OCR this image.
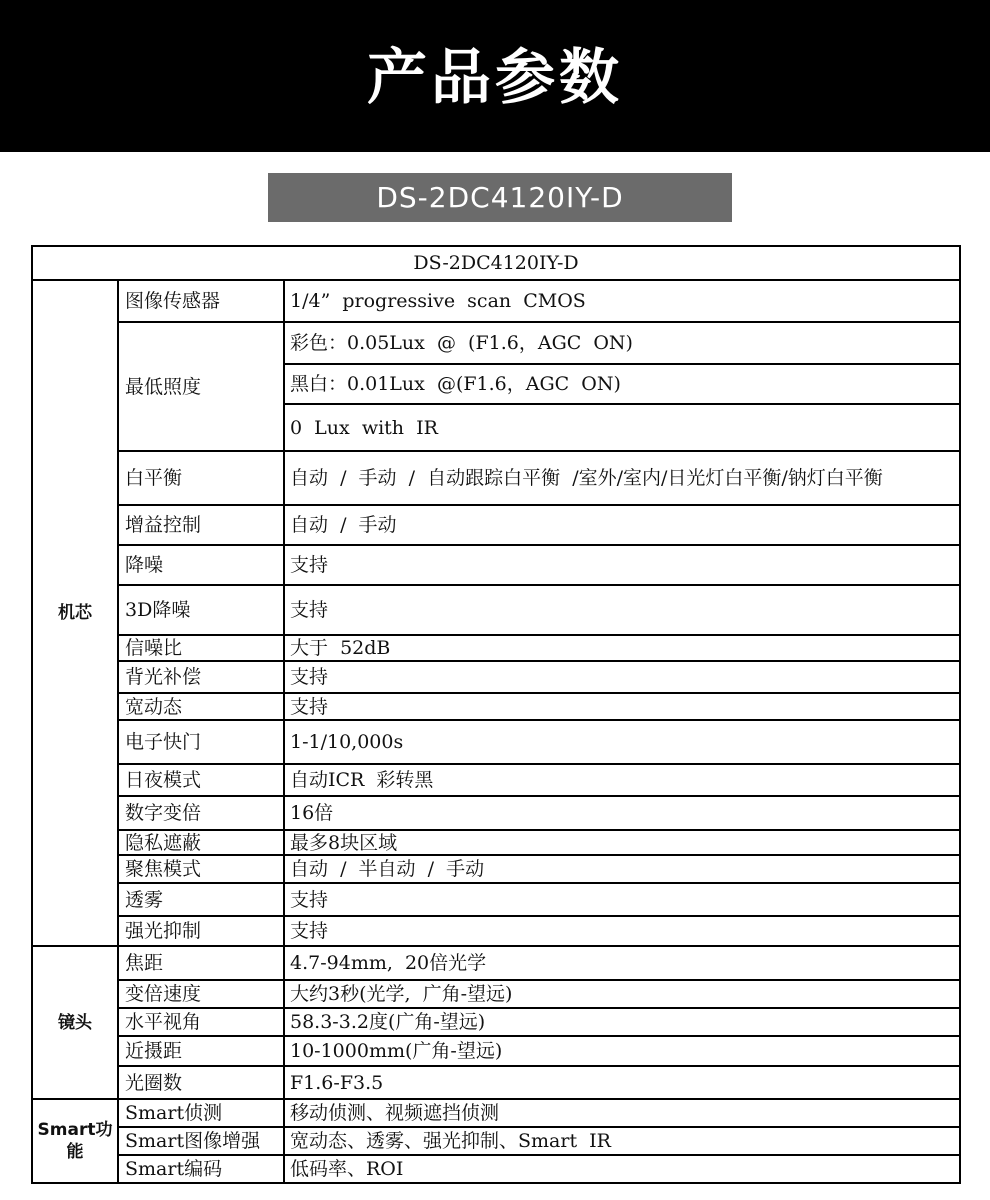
产品参数
DS-2DC4120IY-D
DS-2DC4120IY-D		
机芯	图像传感器	1/4”  progressive  scan  CMOS
	最低照度	彩色：0.05Lux  @  (F1.6，AGC  ON)
		黑白：0.01Lux  @(F1.6，AGC  ON)
		0  Lux  with  IR
	白平衡	自动  /  手动  /  自动跟踪白平衡  /室外/室内/日光灯白平衡/钠灯白平衡
	增益控制	自动  /  手动
	降噪	支持
	3D降噪	支持
	信噪比	大于  52dB
	背光补偿	支持
	宽动态	支持
	电子快门	1-1/10,000s
	日夜模式	自动ICR  彩转黑
	数字变倍	16倍
	隐私遮蔽	最多8块区域
	聚焦模式	自动  /  半自动  /  手动
	透雾	支持
	强光抑制	支持
镜头	焦距	4.7-94mm,  20倍光学
	变倍速度	大约3秒(光学,  广角-望远)
	水平视角	58.3-3.2度(广角-望远)
	近摄距	10-1000mm(广角-望远)
	光圈数	F1.6-F3.5
Smart功能	Smart侦测	移动侦测、视频遮挡侦测
	Smart图像增强	宽动态、透雾、强光抑制、Smart  IR
	Smart编码	低码率、ROI
